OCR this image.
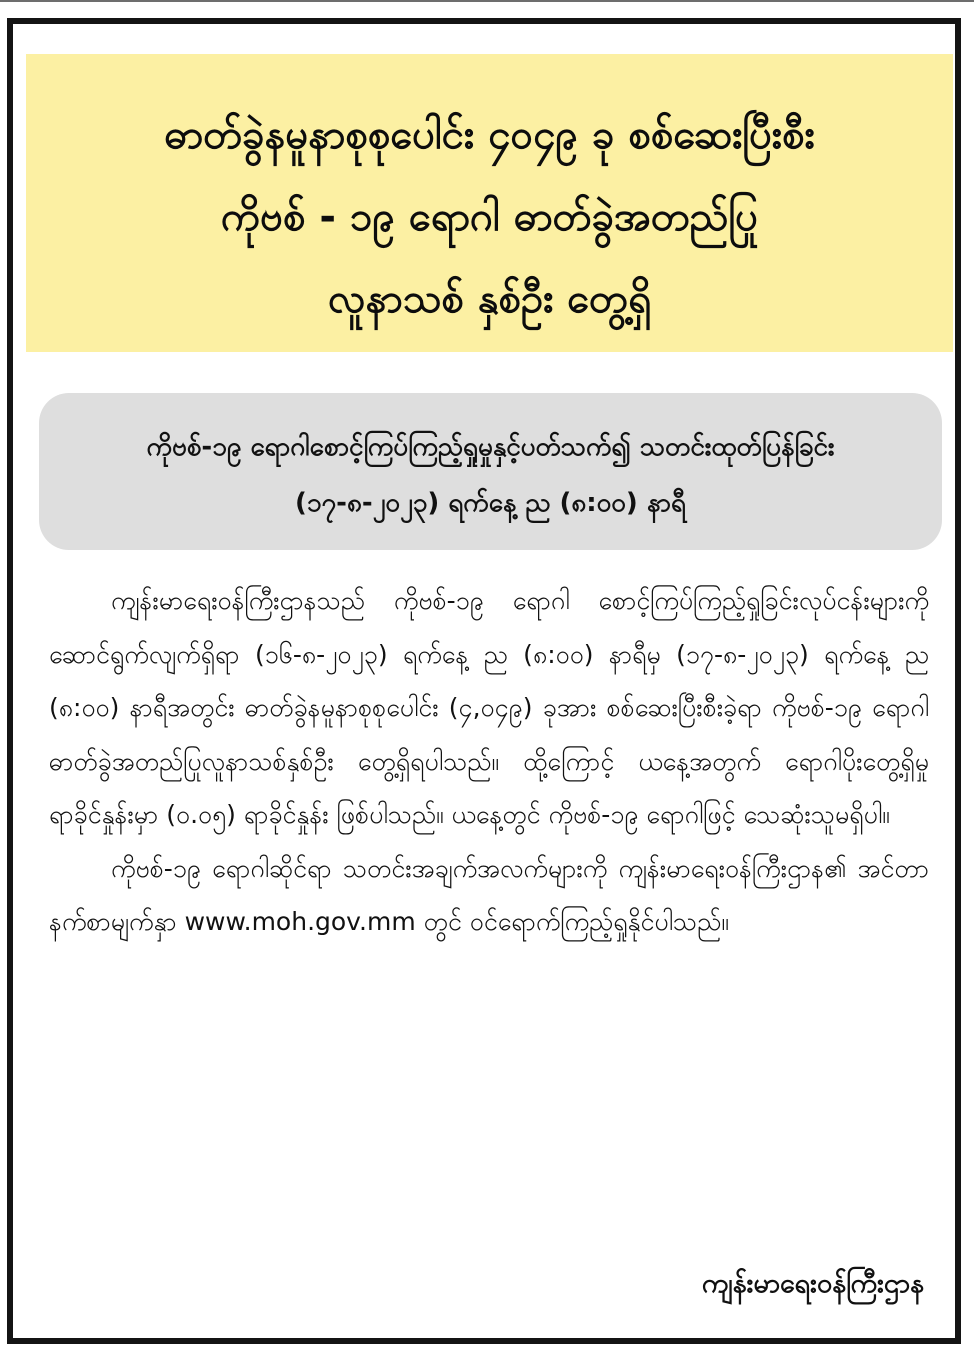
ဓာတ်ခွဲနမူနာစုစုပေါင်း ၄၀၄၉ ခု စစ်ဆေးပြီးစီး
ကိုဗစ် - ၁၉ ရောဂါ ဓာတ်ခွဲအတည်ပြု
လူနာသစ် နှစ်ဦး တွေ့ရှိ
ကိုဗစ်-၁၉ ရောဂါစောင့်ကြပ်ကြည့်ရှုမှုနှင့်ပတ်သက်၍ သတင်းထုတ်ပြန်ခြင်း
(၁၇-၈-၂၀၂၃) ရက်နေ့ ည (၈:၀၀) နာရီ

ကျန်းမာရေးဝန်ကြီးဌာနသည် ကိုဗစ်-၁၉ ရောဂါ စောင့်ကြပ်ကြည့်ရှုခြင်းလုပ်ငန်းများကို ဆောင်ရွက်လျက်ရှိရာ (၁၆-၈-၂၀၂၃) ရက်နေ့ ည (၈:၀၀) နာရီမှ (၁၇-၈-၂၀၂၃) ရက်နေ့ ည (၈:၀၀) နာရီအတွင်း ဓာတ်ခွဲနမူနာစုစုပေါင်း (၄,၀၄၉) ခုအား စစ်ဆေးပြီးစီးခဲ့ရာ ကိုဗစ်-၁၉ ရောဂါ ဓာတ်ခွဲအတည်ပြုလူနာသစ်နှစ်ဦး တွေ့ရှိရပါသည်။ ထို့ကြောင့် ယနေ့အတွက် ရောဂါပိုးတွေ့ရှိမှု ရာခိုင်နှုန်းမှာ (၀.၀၅) ရာခိုင်နှုန်း ဖြစ်ပါသည်။ ယနေ့တွင် ကိုဗစ်-၁၉ ရောဂါဖြင့် သေဆုံးသူမရှိပါ။

ကိုဗစ်-၁၉ ရောဂါဆိုင်ရာ သတင်းအချက်အလက်များကို ကျန်းမာရေးဝန်ကြီးဌာန၏ အင်တာနက်စာမျက်နှာ www.moh.gov.mm တွင် ဝင်ရောက်ကြည့်ရှုနိုင်ပါသည်။

ကျန်းမာရေးဝန်ကြီးဌာန
